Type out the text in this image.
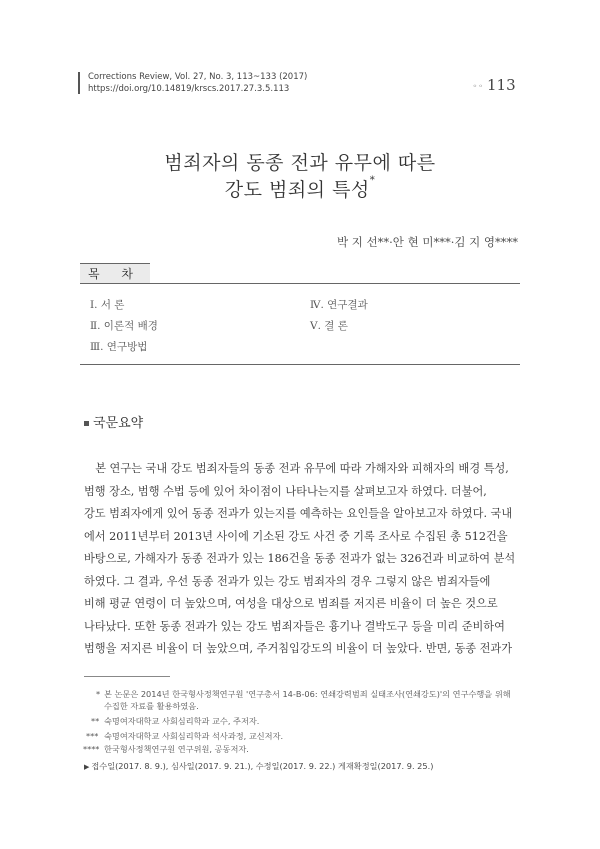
Corrections Review, Vol. 27, No. 3, 113~133 (2017)
https://doi.org/10.14819/krscs.2017.27.3.5.113	ᄋᄋ 113
범죄자의 동종 전과 유무에 따른
강도 범죄의 특성*
박 지 선**·안 현 미***·김 지 영****
목 차
Ⅰ. 서 론
Ⅱ. 이론적 배경
Ⅲ. 연구방법
Ⅳ. 연구결과
Ⅴ. 결 론
국문요약
　본 연구는 국내 강도 범죄자들의 동종 전과 유무에 따라 가해자와 피해자의 배경 특성,
범행 장소, 범행 수법 등에 있어 차이점이 나타나는지를 살펴보고자 하였다. 더불어,
강도 범죄자에게 있어 동종 전과가 있는지를 예측하는 요인들을 알아보고자 하였다. 국내
에서 2011년부터 2013년 사이에 기소된 강도 사건 중 기록 조사로 수집된 총 512건을
바탕으로, 가해자가 동종 전과가 있는 186건을 동종 전과가 없는 326건과 비교하여 분석
하였다. 그 결과, 우선 동종 전과가 있는 강도 범죄자의 경우 그렇지 않은 범죄자들에
비해 평균 연령이 더 높았으며, 여성을 대상으로 범죄를 저지른 비율이 더 높은 것으로
나타났다. 또한 동종 전과가 있는 강도 범죄자들은 흉기나 결박도구 등을 미리 준비하여
범행을 저지른 비율이 더 높았으며, 주거침입강도의 비율이 더 높았다. 반면, 동종 전과가
* 본 논문은 2014년 한국형사정책연구원 '연구총서 14-B-06: 연쇄강력범죄 실태조사(연쇄강도)'의 연구수행을 위해
수집한 자료를 활용하였음.
** 숙명여자대학교 사회심리학과 교수, 주저자.
*** 숙명여자대학교 사회심리학과 석사과정, 교신저자.
**** 한국형사정책연구원 연구위원, 공동저자.
▶ 접수일(2017. 8. 9.), 심사일(2017. 9. 21.), 수정일(2017. 9. 22.) 게재확정일(2017. 9. 25.)
